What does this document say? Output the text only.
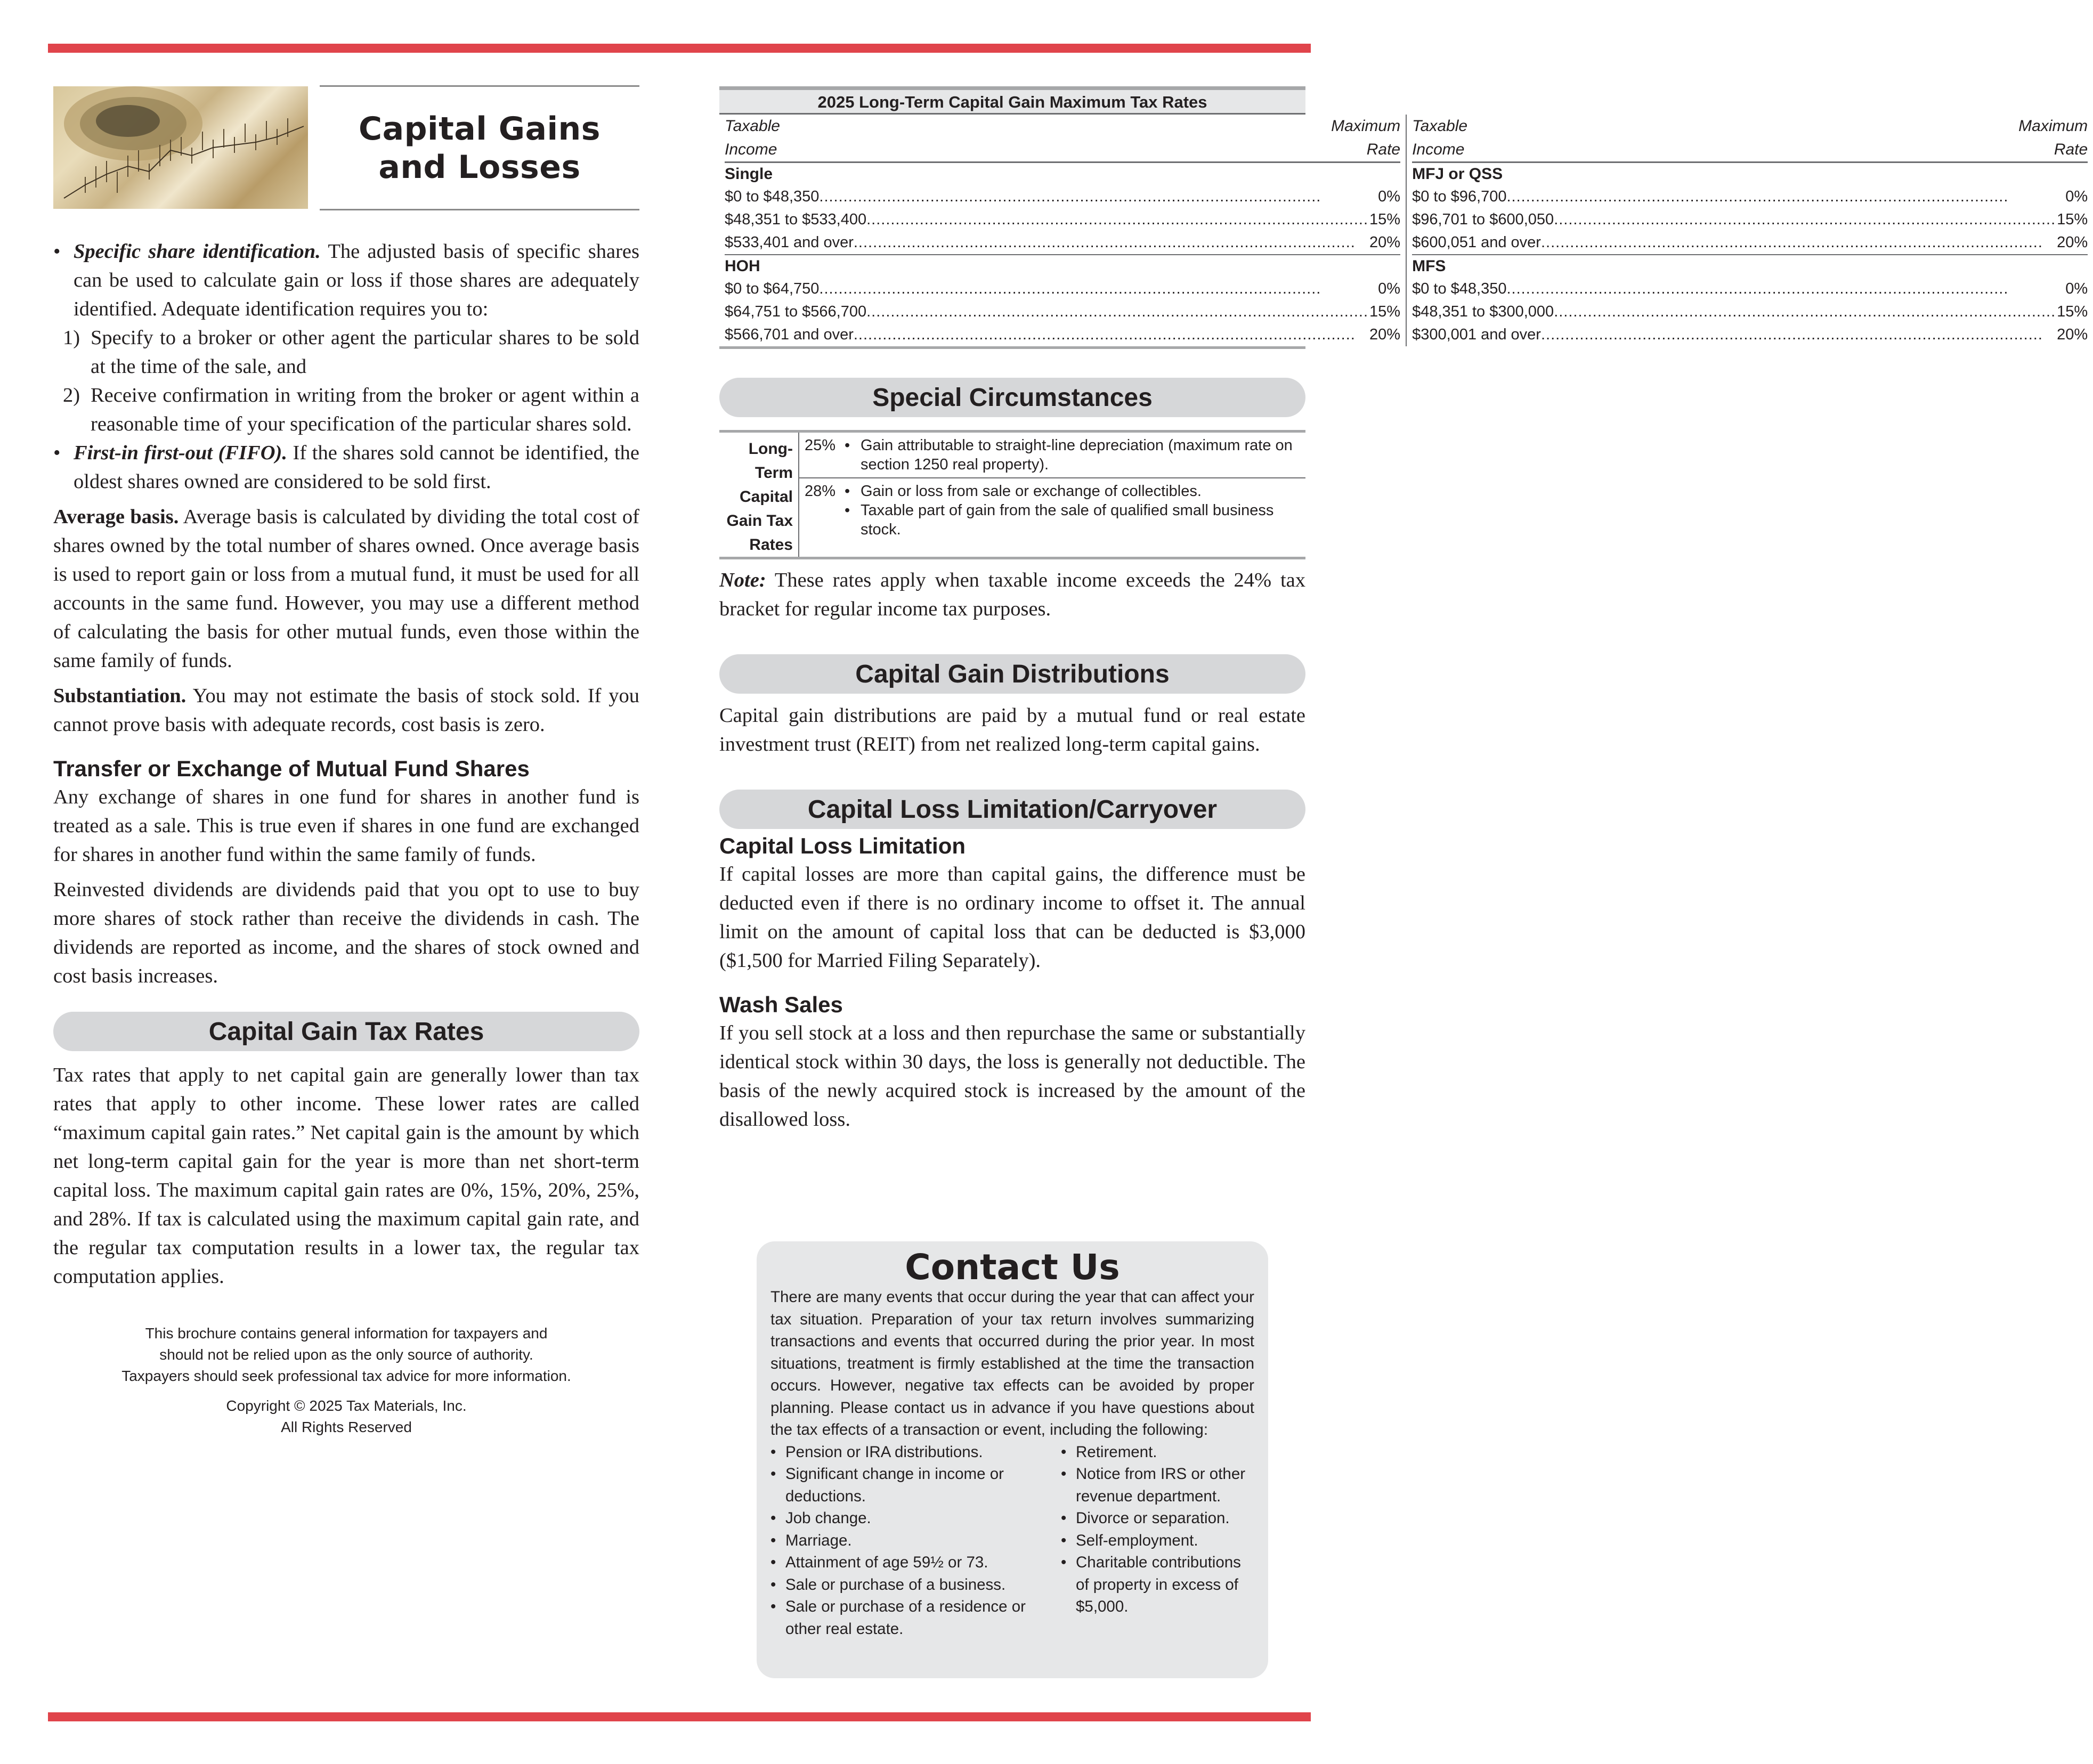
Capital Gains
and Losses
• Specific share identification. The adjusted basis of specific shares can be used to calculate gain or loss if those shares are adequately identified. Adequate identification requires you to:
1) Specify to a broker or other agent the particular shares to be sold at the time of the sale, and
2) Receive confirmation in writing from the broker or agent within a reasonable time of your specification of the particular shares sold.
• First-in first-out (FIFO). If the shares sold cannot be identified, the oldest shares owned are considered to be sold first.

Average basis. Average basis is calculated by dividing the total cost of shares owned by the total number of shares owned. Once average basis is used to report gain or loss from a mutual fund, it must be used for all accounts in the same fund. However, you may use a different method of calculating the basis for other mutual funds, even those within the same family of funds.

Substantiation. You may not estimate the basis of stock sold. If you cannot prove basis with adequate records, cost basis is zero.

Transfer or Exchange of Mutual Fund Shares

Any exchange of shares in one fund for shares in another fund is treated as a sale. This is true even if shares in one fund are exchanged for shares in another fund within the same family of funds.

Reinvested dividends are dividends paid that you opt to use to buy more shares of stock rather than receive the dividends in cash. The dividends are reported as income, and the shares of stock owned and cost basis increases.

Capital Gain Tax Rates

Tax rates that apply to net capital gain are generally lower than tax rates that apply to other income. These lower rates are called “maximum capital gain rates.” Net capital gain is the amount by which net long-term capital gain for the year is more than net short-term capital loss. The maximum capital gain rates are 0%, 15%, 20%, 25%, and 28%. If tax is calculated using the maximum capital gain rate, and the regular tax computation results in a lower tax, the regular tax computation applies.

This brochure contains general information for taxpayers and
should not be relied upon as the only source of authority.
Taxpayers should seek professional tax advice for more information.
Copyright © 2025 Tax Materials, Inc.
All Rights Reserved
2025 Long-Term Capital Gain Maximum Tax Rates
Taxable	Maximum
Income	Rate
Single
$0 to $48,350 .....	0%
$48,351 to $533,400 .....	15%
$533,401 and over .....	20%
HOH
$0 to $64,750 .....	0%
$64,751 to $566,700 .....	15%
$566,701 and over .....	20%
Taxable	Maximum
Income	Rate
MFJ or QSS
$0 to $96,700 .....	0%
$96,701 to $600,050 .....	15%
$600,051 and over .....	20%
MFS
$0 to $48,350 .....	0%
$48,351 to $300,000 .....	15%
$300,001 and over .....	20%
Special Circumstances
Long-
Term
Capital
Gain Tax
Rates
25% • Gain attributable to straight-line depreciation (maximum rate on section 1250 real property).
28% • Gain or loss from sale or exchange of collectibles.
• Taxable part of gain from the sale of qualified small business stock.

Note: These rates apply when taxable income exceeds the 24% tax bracket for regular income tax purposes.

Capital Gain Distributions

Capital gain distributions are paid by a mutual fund or real estate investment trust (REIT) from net realized long-term capital gains.

Capital Loss Limitation/Carryover
Capital Loss Limitation

If capital losses are more than capital gains, the difference must be deducted even if there is no ordinary income to offset it. The annual limit on the amount of capital loss that can be deducted is $3,000 ($1,500 for Married Filing Separately).

Wash Sales

If you sell stock at a loss and then repurchase the same or substantially identical stock within 30 days, the loss is generally not deductible. The basis of the newly acquired stock is increased by the amount of the disallowed loss.

Contact Us

There are many events that occur during the year that can affect your tax situation. Preparation of your tax return involves summarizing transactions and events that occurred during the prior year. In most situations, treatment is firmly established at the time the transaction occurs. However, negative tax effects can be avoided by proper planning. Please contact us in advance if you have questions about the tax effects of a transaction or event, including the following:

• Pension or IRA distributions.
• Significant change in income or deductions.
• Job change.
• Marriage.
• Attainment of age 59½ or 73.
• Sale or purchase of a business.
• Sale or purchase of a residence or other real estate.
• Retirement.
• Notice from IRS or other revenue department.
• Divorce or separation.
• Self-employment.
• Charitable contributions of property in excess of $5,000.
